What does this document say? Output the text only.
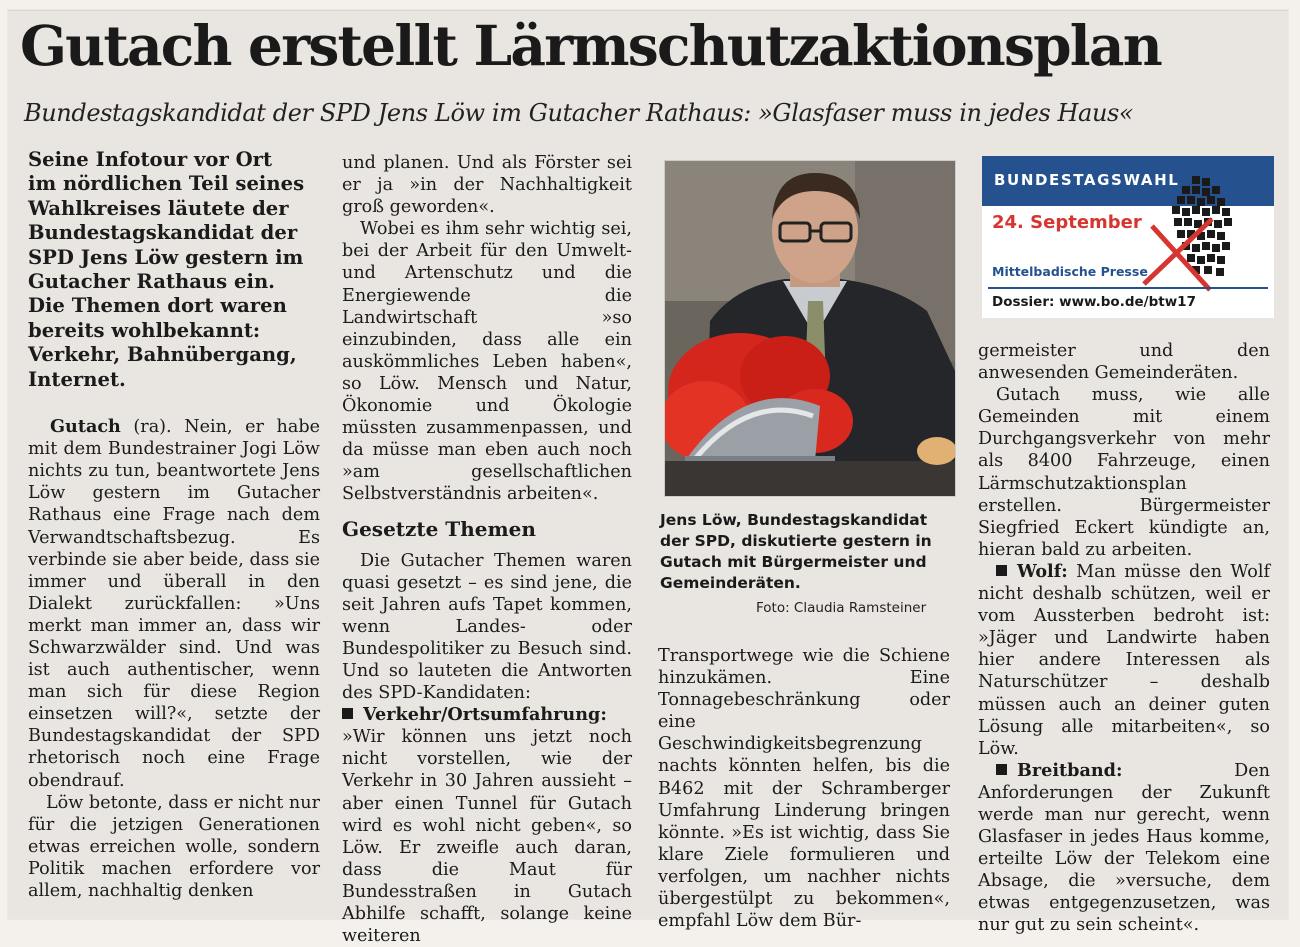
Gutach erstellt Lärmschutzaktionsplan
Bundestagskandidat der SPD Jens Löw im Gutacher Rathaus: »Glasfaser muss in jedes Haus«
Seine Infotour vor Ort
im nördlichen Teil seines
Wahlkreises läutete der
Bundestagskandidat der
SPD Jens Löw gestern im
Gutacher Rathaus ein.
Die Themen dort waren
bereits wohlbekannt:
Verkehr, Bahnübergang,
Internet.

Gutach (ra). Nein, er habe mit dem Bundestrainer Jogi Löw nichts zu tun, beantwortete Jens Löw gestern im Gutacher Rathaus eine Frage nach dem Verwandtschaftsbezug. Es verbinde sie aber beide, dass sie immer und überall in den Dialekt zurückfallen: »Uns merkt man immer an, dass wir Schwarzwälder sind. Und was ist auch authentischer, wenn man sich für diese Region einsetzen will?«, setzte der Bundestagskandidat der SPD rhetorisch noch eine Frage obendrauf.

Löw betonte, dass er nicht nur für die jetzigen Generationen etwas erreichen wolle, sondern Politik machen erfordere vor allem, nachhaltig denken

und planen. Und als Förster sei er ja »in der Nachhaltigkeit groß geworden«.

Wobei es ihm sehr wichtig sei, bei der Arbeit für den Umwelt- und Artenschutz und die Energiewende die Landwirtschaft »so einzubinden, dass alle ein auskömmliches Leben haben«, so Löw. Mensch und Natur, Ökonomie und Ökologie müssten zusammenpassen, und da müsse man eben auch noch »am gesellschaftlichen Selbstverständnis arbeiten«.

Gesetzte Themen

Die Gutacher Themen waren quasi gesetzt – es sind jene, die seit Jahren aufs Tapet kommen, wenn Landes- oder Bundespolitiker zu Besuch sind. Und so lauteten die Antworten des SPD-Kandidaten:

Verkehr/Ortsumfahrung: »Wir können uns jetzt noch nicht vorstellen, wie der Verkehr in 30 Jahren aussieht – aber einen Tunnel für Gutach wird es wohl nicht geben«, so Löw. Er zweifle auch daran, dass die Maut für Bundesstraßen in Gutach Abhilfe schafft, solange keine weiteren

Jens Löw, Bundestagskandidat der SPD, diskutierte gestern in Gutach mit Bürgermeister und Gemeinderäten.
Foto: Claudia Ramsteiner

Transportwege wie die Schiene hinzukämen. Eine Tonnagebeschränkung oder eine Geschwindigkeitsbegrenzung nachts könnten helfen, bis die B462 mit der Schramberger Umfahrung Linderung bringen könnte. »Es ist wichtig, dass Sie klare Ziele formulieren und verfolgen, um nachher nichts übergestülpt zu bekommen«, empfahl Löw dem Bür-

BUNDESTAGSWAHL
24. September
Mittelbadische Presse
Dossier: www.bo.de/btw17

germeister und den anwesenden Gemeinderäten.

Gutach muss, wie alle Gemeinden mit einem Durchgangsverkehr von mehr als 8400 Fahrzeuge, einen Lärmschutzaktionsplan erstellen. Bürgermeister Siegfried Eckert kündigte an, hieran bald zu arbeiten.

Wolf: Man müsse den Wolf nicht deshalb schützen, weil er vom Aussterben bedroht ist: »Jäger und Landwirte haben hier andere Interessen als Naturschützer – deshalb müssen auch an deiner guten Lösung alle mitarbeiten«, so Löw.

Breitband: Den Anforderungen der Zukunft werde man nur gerecht, wenn Glasfaser in jedes Haus komme, erteilte Löw der Telekom eine Absage, die »versuche, dem etwas entgegenzusetzen, was nur gut zu sein scheint«.
